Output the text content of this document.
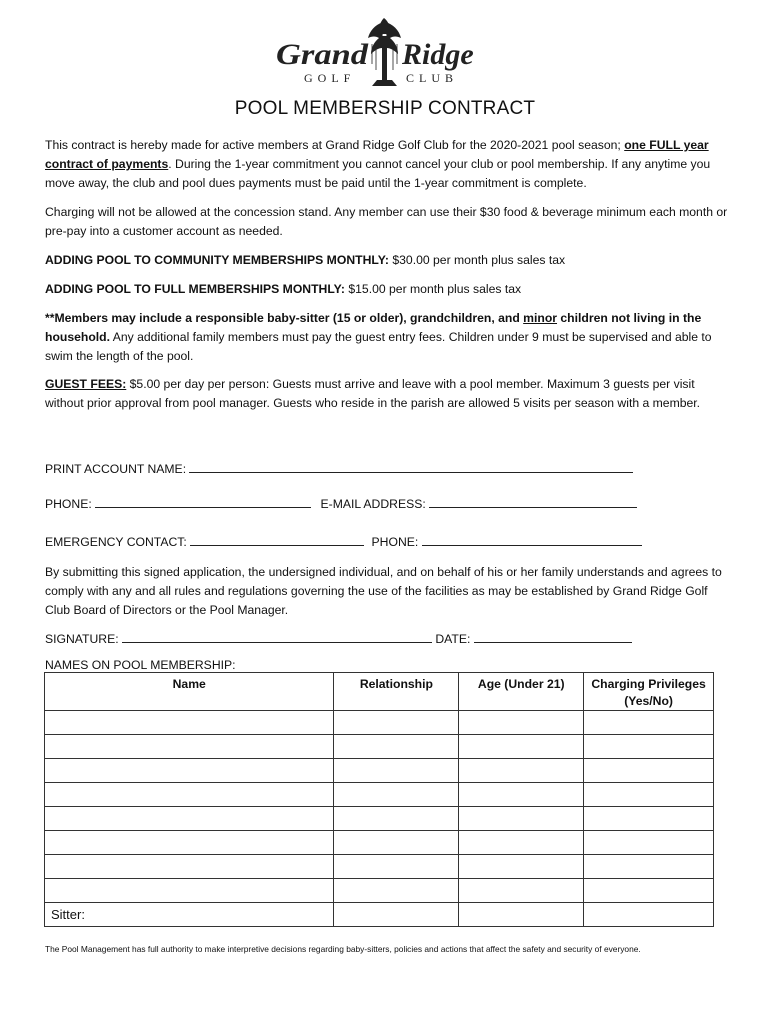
Grand
GOLF	CLUB
Ridge
POOL MEMBERSHIP CONTRACT
This contract is hereby made for active members at Grand Ridge Golf Club for the 2020-2021 pool season; one FULL year contract of payments. During the 1-year commitment you cannot cancel your club or pool membership. If any anytime you move away, the club and pool dues payments must be paid until the 1-year commitment is complete.
Charging will not be allowed at the concession stand. Any member can use their $30 food & beverage minimum each month or pre-pay into a customer account as needed.
ADDING POOL TO COMMUNITY MEMBERSHIPS MONTHLY: $30.00 per month plus sales tax
ADDING POOL TO FULL MEMBERSHIPS MONTHLY: $15.00 per month plus sales tax
**Members may include a responsible baby-sitter (15 or older), grandchildren, and minor children not living in the household. Any additional family members must pay the guest entry fees. Children under 9 must be supervised and able to swim the length of the pool.
GUEST FEES: $5.00 per day per person: Guests must arrive and leave with a pool member. Maximum 3 guests per visit without prior approval from pool manager. Guests who reside in the parish are allowed 5 visits per season with a member.
PRINT ACCOUNT NAME:
PHONE:	E-MAIL ADDRESS:
EMERGENCY CONTACT:	PHONE:
By submitting this signed application, the undersigned individual, and on behalf of his or her family understands and agrees to comply with any and all rules and regulations governing the use of the facilities as may be established by Grand Ridge Golf Club Board of Directors or the Pool Manager.
SIGNATURE:	DATE:
NAMES ON POOL MEMBERSHIP:
Name	Relationship	Age (Under 21)	Charging Privileges (Yes/No)

Sitter:			
The Pool Management has full authority to make interpretive decisions regarding baby-sitters, policies and actions that affect the safety and security of everyone.
